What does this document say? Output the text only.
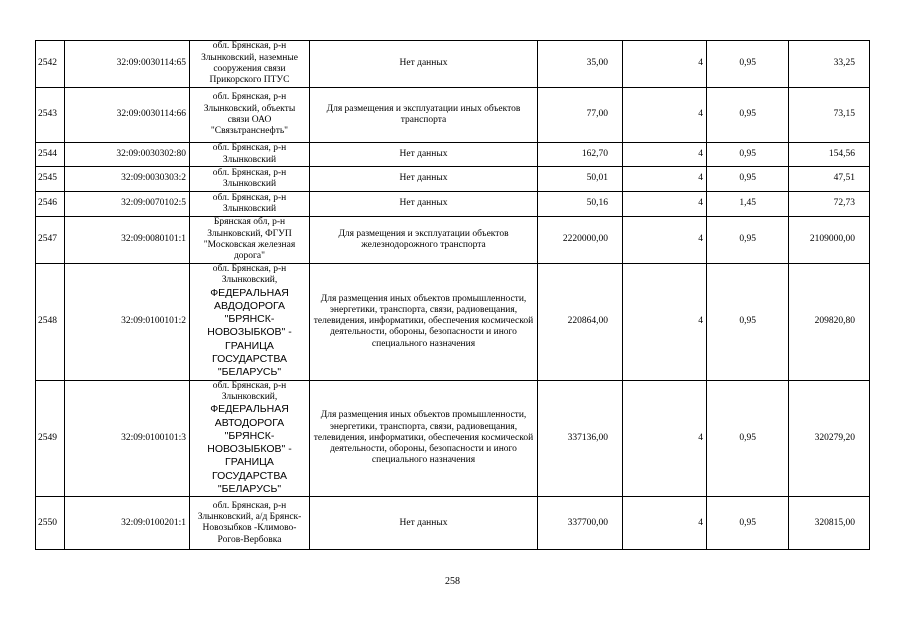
2542	32:09:0030114:65	обл. Брянская, р-н Злынковский, наземные сооружения связи Прикорского ПТУС	Нет данных	35,00	4	0,95	33,25
2543	32:09:0030114:66	обл. Брянская, р-н Злынковский, объекты связи ОАО "Связьтранснефть"	Для размещения и эксплуатации иных объектов транспорта	77,00	4	0,95	73,15
2544	32:09:0030302:80	обл. Брянская, р-н Злынковский	Нет данных	162,70	4	0,95	154,56
2545	32:09:0030303:2	обл. Брянская, р-н Злынковский	Нет данных	50,01	4	0,95	47,51
2546	32:09:0070102:5	обл. Брянская, р-н Злынковский	Нет данных	50,16	4	1,45	72,73
2547	32:09:0080101:1	Брянская обл, р-н Злынковский, ФГУП "Московская железная дорога"	Для размещения и эксплуатации объектов железнодорожного транспорта	2220000,00	4	0,95	2109000,00
2548	32:09:0100101:2	обл. Брянская, р-н Злынковский,
ФЕДЕРАЛЬНАЯ АВДОДОРОГА "БРЯНСК-НОВОЗЫБКОВ" - ГРАНИЦА ГОСУДАРСТВА "БЕЛАРУСЬ"	Для размещения иных объектов промышленности, энергетики, транспорта, связи, радиовещания, телевидения, информатики, обеспечения космической деятельности, обороны, безопасности и иного специального назначения	220864,00	4	0,95	209820,80
2549	32:09:0100101:3	обл. Брянская, р-н Злынковский,
ФЕДЕРАЛЬНАЯ АВТОДОРОГА "БРЯНСК-НОВОЗЫБКОВ" - ГРАНИЦА ГОСУДАРСТВА "БЕЛАРУСЬ"	Для размещения иных объектов промышленности, энергетики, транспорта, связи, радиовещания, телевидения, информатики, обеспечения космической деятельности, обороны, безопасности и иного специального назначения	337136,00	4	0,95	320279,20
2550	32:09:0100201:1	обл. Брянская, р-н Злынковский, а/д Брянск-Новозыбков -Климово-Рогов-Вербовка	Нет данных	337700,00	4	0,95	320815,00
258
